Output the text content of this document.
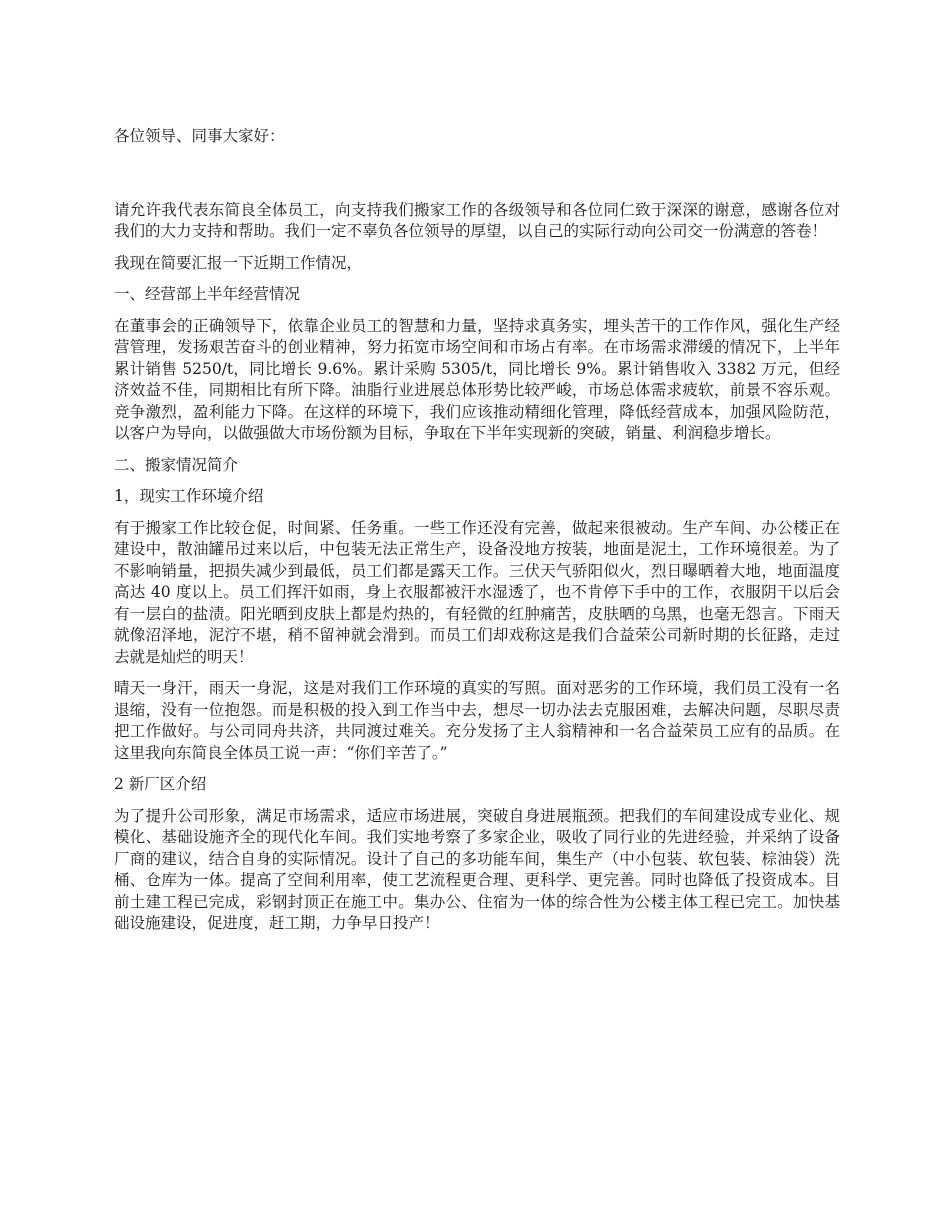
各位领导、同事大家好：

请允许我代表东简良全体员工，向支持我们搬家工作的各级领导和各位同仁致于深深的谢意，感谢各位对我们的大力支持和帮助。我们一定不辜负各位领导的厚望，以自己的实际行动向公司交一份满意的答卷！

我现在简要汇报一下近期工作情况，

一、经营部上半年经营情况

在董事会的正确领导下，依靠企业员工的智慧和力量，坚持求真务实，埋头苦干的工作作风，强化生产经营管理，发扬艰苦奋斗的创业精神，努力拓宽市场空间和市场占有率。在市场需求滞缓的情况下，上半年累计销售 5250/t，同比增长 9.6%。累计采购 5305/t，同比增长 9%。累计销售收入 3382 万元，但经济效益不佳，同期相比有所下降。油脂行业进展总体形势比较严峻，市场总体需求疲软，前景不容乐观。竞争激烈，盈利能力下降。在这样的环境下，我们应该推动精细化管理，降低经营成本，加强风险防范，以客户为导向，以做强做大市场份额为目标，争取在下半年实现新的突破，销量、利润稳步增长。

二、搬家情况简介

1，现实工作环境介绍

有于搬家工作比较仓促，时间紧、任务重。一些工作还没有完善，做起来很被动。生产车间、办公楼正在建设中，散油罐吊过来以后，中包装无法正常生产，设备没地方按装，地面是泥土，工作环境很差。为了不影响销量，把损失减少到最低，员工们都是露天工作。三伏天气骄阳似火，烈日曝晒着大地，地面温度高达 40 度以上。员工们挥汗如雨，身上衣服都被汗水湿透了，也不肯停下手中的工作，衣服阴干以后会有一层白的盐渍。阳光晒到皮肤上都是灼热的，有轻微的红肿痛苦，皮肤晒的乌黑，也毫无怨言。下雨天就像沼泽地，泥泞不堪，稍不留神就会滑到。而员工们却戏称这是我们合益荣公司新时期的长征路，走过去就是灿烂的明天！

晴天一身汗，雨天一身泥，这是对我们工作环境的真实的写照。面对恶劣的工作环境，我们员工没有一名退缩，没有一位抱怨。而是积极的投入到工作当中去，想尽一切办法去克服困难，去解决问题，尽职尽责把工作做好。与公司同舟共济，共同渡过难关。充分发扬了主人翁精神和一名合益荣员工应有的品质。在这里我向东简良全体员工说一声：“你们辛苦了。”

2 新厂区介绍

为了提升公司形象，满足市场需求，适应市场进展，突破自身进展瓶颈。把我们的车间建设成专业化、规模化、基础设施齐全的现代化车间。我们实地考察了多家企业，吸收了同行业的先进经验，并采纳了设备厂商的建议，结合自身的实际情况。设计了自己的多功能车间，集生产（中小包装、软包装、棕油袋）洗桶、仓库为一体。提高了空间利用率，使工艺流程更合理、更科学、更完善。同时也降低了投资成本。目前土建工程已完成，彩钢封顶正在施工中。集办公、住宿为一体的综合性为公楼主体工程已完工。加快基础设施建设，促进度，赶工期，力争早日投产！
